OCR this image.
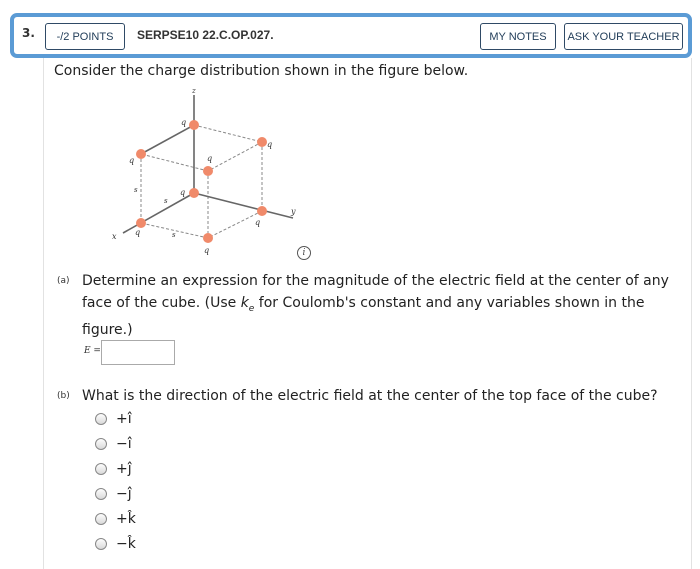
3.	-/2 POINTS	SERPSE10 22.C.OP.027.	MY NOTES	ASK YOUR TEACHER
Consider the charge distribution shown in the figure below.
z
y
x
s
s
s
q
q
q	q
q
q
q
q	i
(a) Determine an expression for the magnitude of the electric field at the center of any face of the cube. (Use $k_e$ for Coulomb's constant and any variables shown in the figure.)
E =
(b) What is the direction of the electric field at the center of the top face of the cube?
+î
−î
+ĵ
−ĵ
+k̂
−k̂
